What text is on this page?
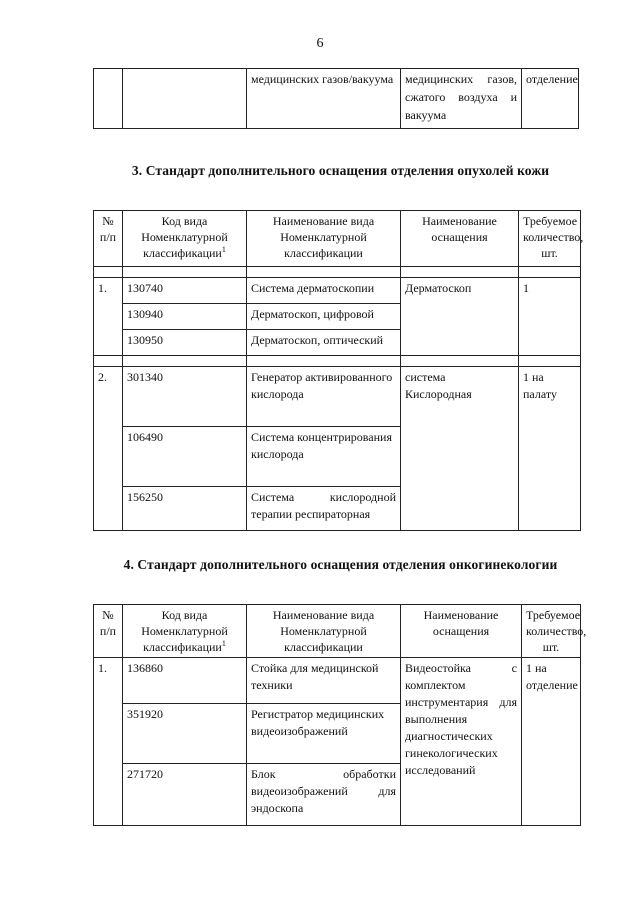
6
		медицинских газов/вакуума	медицинских газов, сжатого воздуха и вакуума	отделение
3. Стандарт дополнительного оснащения отделения опухолей кожи
№ п/п	Код вида Номенклатурной классификации$^1$	Наименование вида Номенклатурной классификации	Наименование оснащения	Требуемое количество, шт.

1.	130740	Система дерматоскопии	Дерматоскоп	1
	130940	Дерматоскоп, цифровой		
	130950	Дерматоскоп, оптический		

2.	301340	Генератор активированного кислорода	система Кислородная	1 на палату
	106490	Система концентрирования кислорода		
	156250	Система кислородной терапии респираторная		
4. Стандарт дополнительного оснащения отделения онкогинекологии
№ п/п	Код вида Номенклатурной классификации$^1$	Наименование вида Номенклатурной классификации	Наименование оснащения	Требуемое количество, шт.
1.	136860	Стойка для медицинской техники	Видеостойка с комплектом инструментария для выполнения диагностических гинекологических исследований	1 на отделение
	351920	Регистратор медицинских видеоизображений		
	271720	Блок обработки видеоизображений для эндоскопа		
